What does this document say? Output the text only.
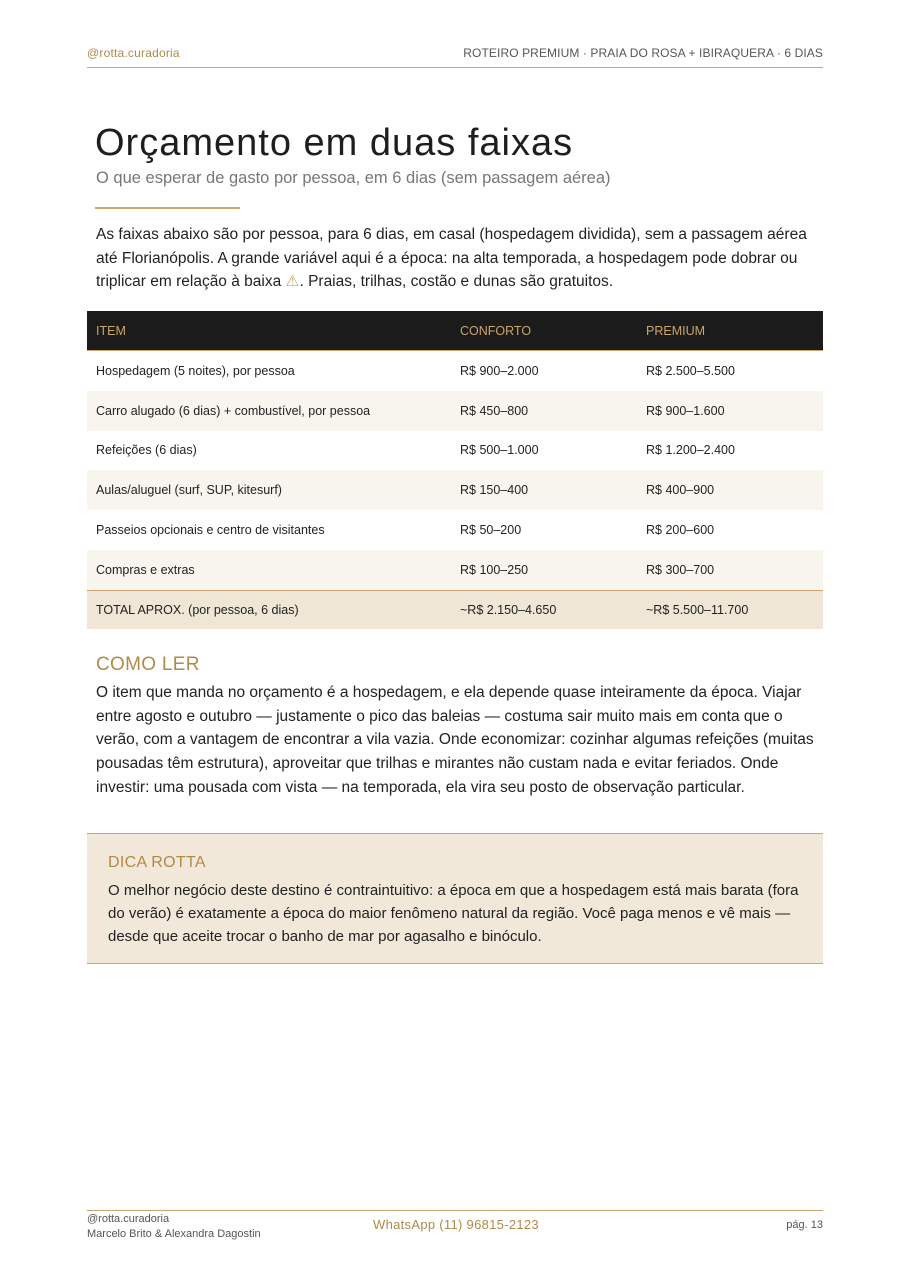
@rotta.curadoria	ROTEIRO PREMIUM · PRAIA DO ROSA + IBIRAQUERA · 6 DIAS
Orçamento em duas faixas

O que esperar de gasto por pessoa, em 6 dias (sem passagem aérea)

As faixas abaixo são por pessoa, para 6 dias, em casal (hospedagem dividida), sem a passagem aérea até Florianópolis. A grande variável aqui é a época: na alta temporada, a hospedagem pode dobrar ou triplicar em relação à baixa ⚠. Praias, trilhas, costão e dunas são gratuitos.

ITEM	CONFORTO	PREMIUM
Hospedagem (5 noites), por pessoa	R$ 900–2.000	R$ 2.500–5.500
Carro alugado (6 dias) + combustível, por pessoa	R$ 450–800	R$ 900–1.600
Refeições (6 dias)	R$ 500–1.000	R$ 1.200–2.400
Aulas/aluguel (surf, SUP, kitesurf)	R$ 150–400	R$ 400–900
Passeios opcionais e centro de visitantes	R$ 50–200	R$ 200–600
Compras e extras	R$ 100–250	R$ 300–700
TOTAL APROX. (por pessoa, 6 dias)	~R$ 2.150–4.650	~R$ 5.500–11.700
COMO LER

O item que manda no orçamento é a hospedagem, e ela depende quase inteiramente da época. Viajar entre agosto e outubro — justamente o pico das baleias — costuma sair muito mais em conta que o verão, com a vantagem de encontrar a vila vazia. Onde economizar: cozinhar algumas refeições (muitas pousadas têm estrutura), aproveitar que trilhas e mirantes não custam nada e evitar feriados. Onde investir: uma pousada com vista — na temporada, ela vira seu posto de observação particular.

DICA ROTTA

O melhor negócio deste destino é contraintuitivo: a época em que a hospedagem está mais barata (fora do verão) é exatamente a época do maior fenômeno natural da região. Você paga menos e vê mais — desde que aceite trocar o banho de mar por agasalho e binóculo.

@rotta.curadoria
Marcelo Brito & Alexandra Dagostin
WhatsApp (11) 96815-2123	pág. 13
